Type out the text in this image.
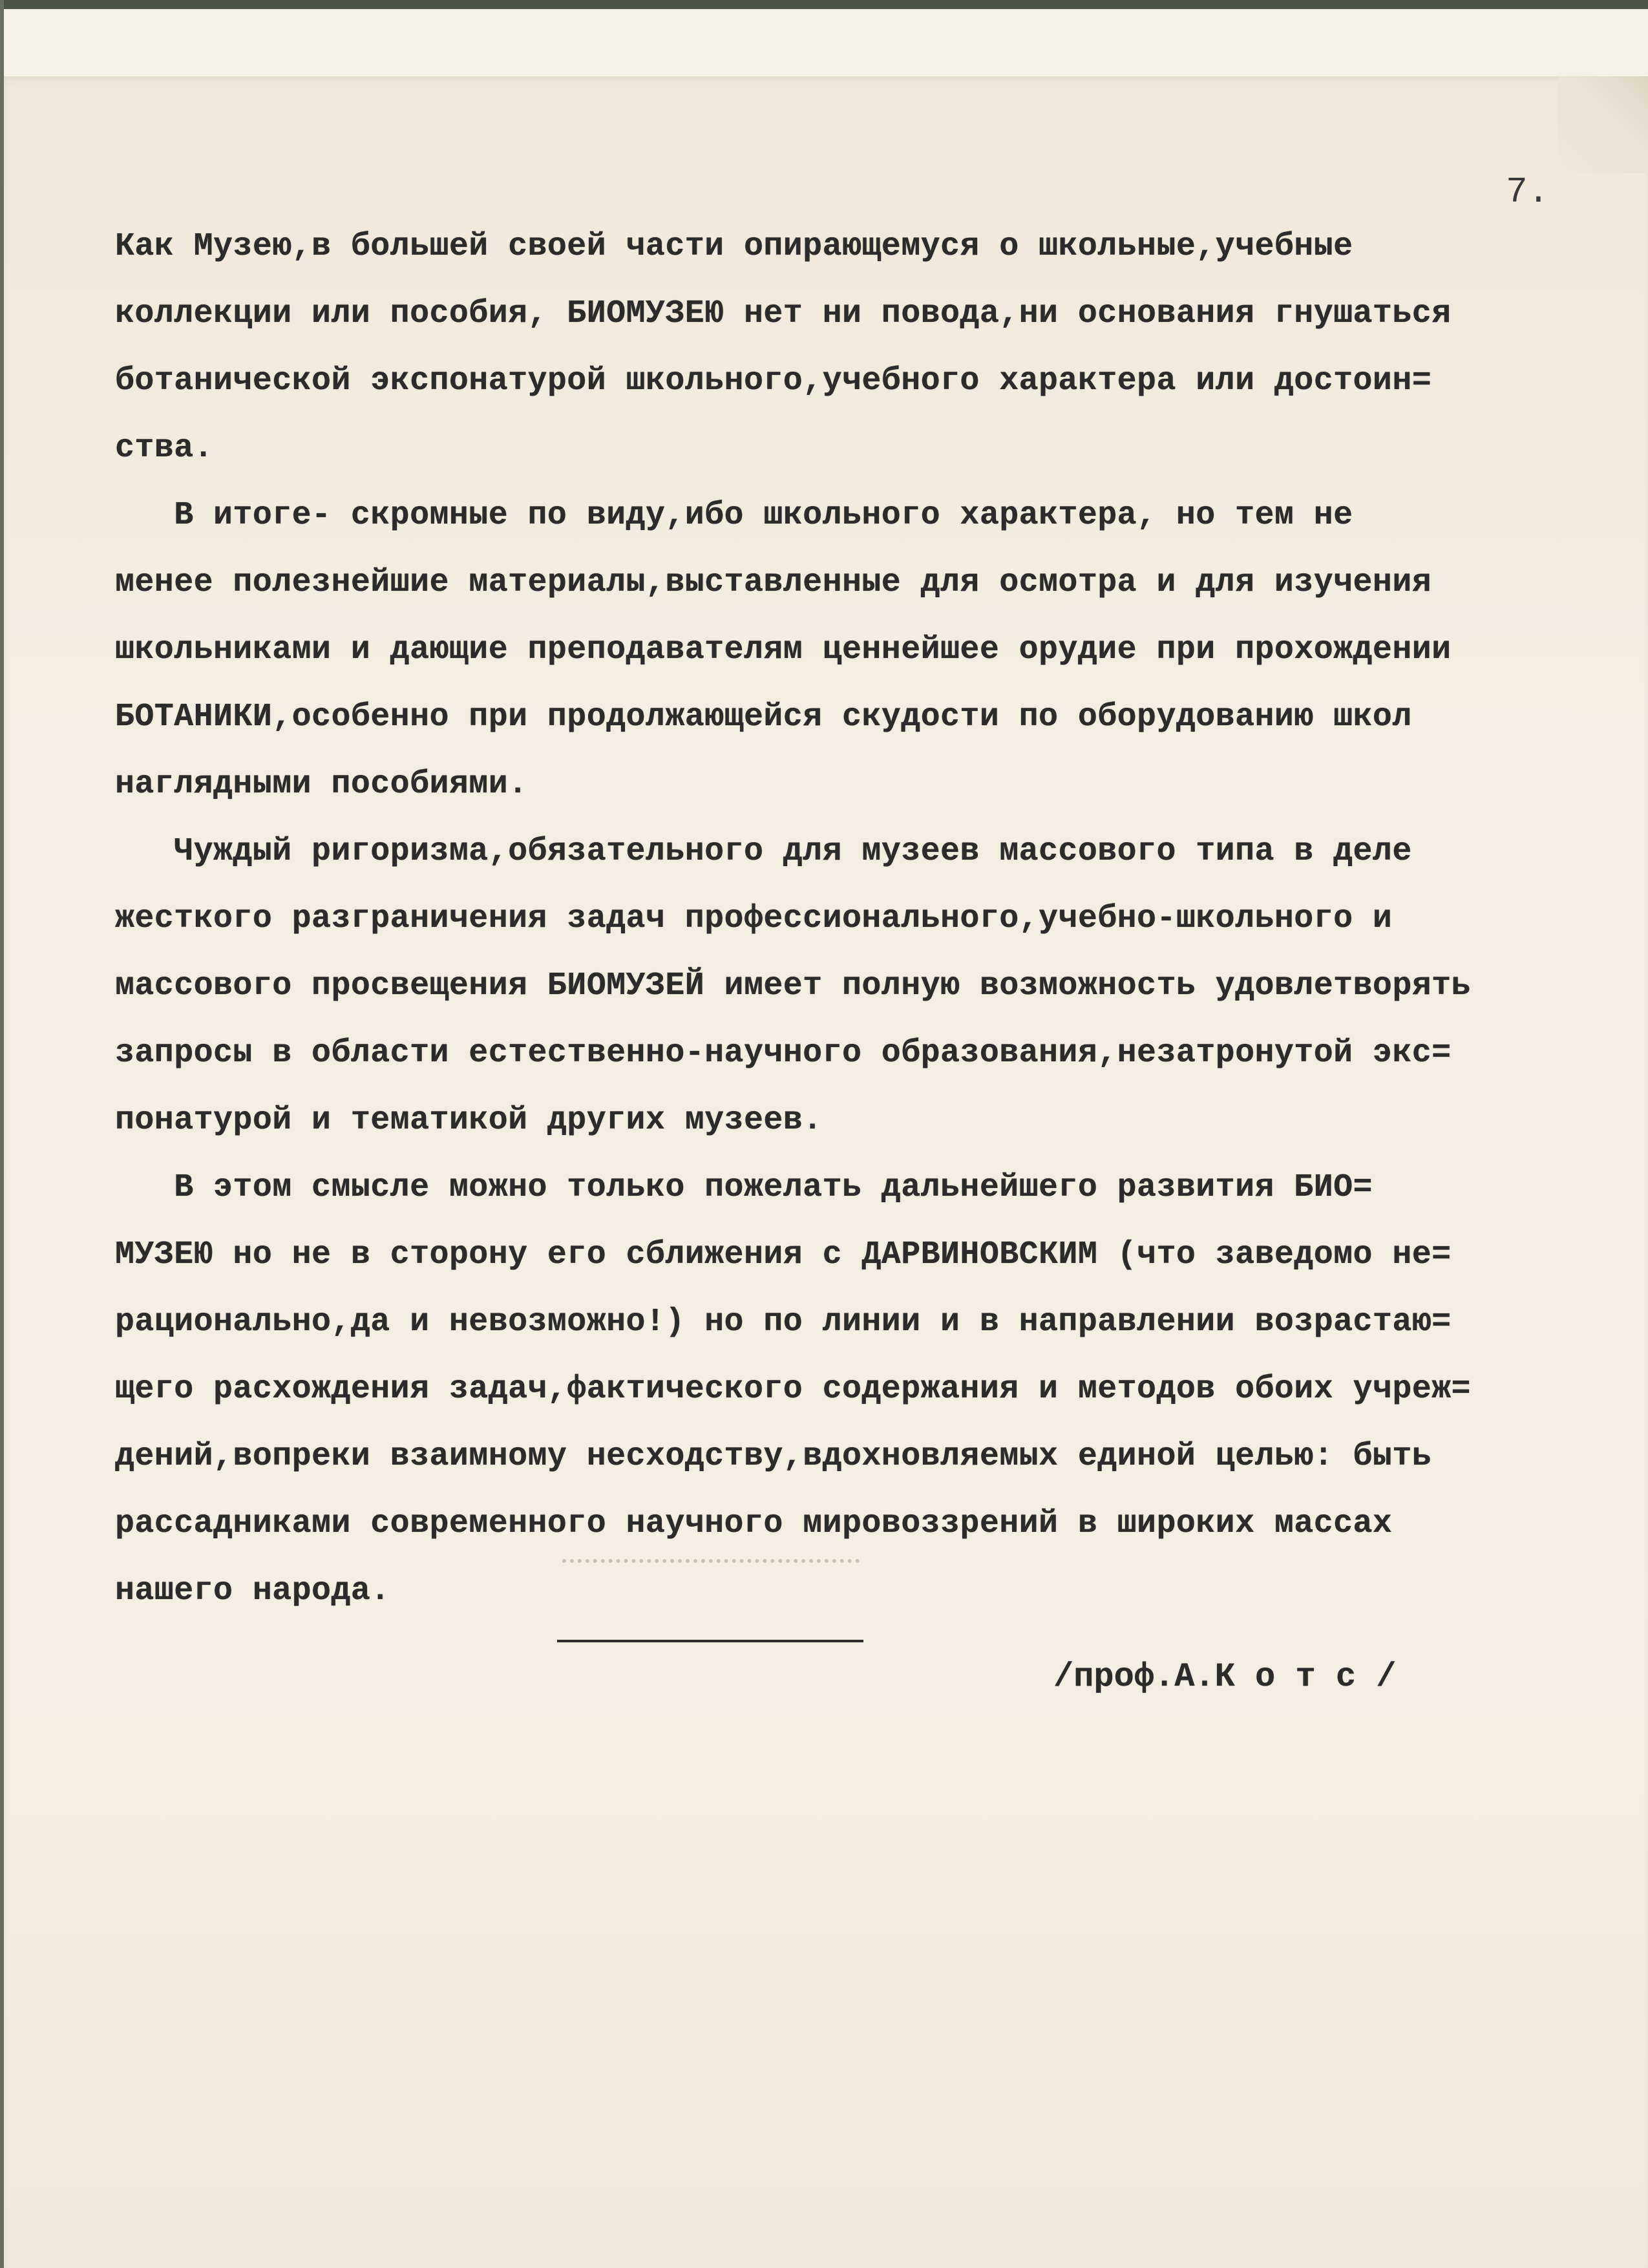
7.

Как Музею,в большей своей части опирающемуся о школьные,учебные
коллекции или пособия, БИОМУЗЕЮ нет ни повода,ни основания гнушаться
ботанической экспонатурой школьного,учебного характера или достоин=
ства.
В итоге- скромные по виду,ибо школьного характера, но тем не
менее полезнейшие материалы,выставленные для осмотра и для изучения
школьниками и дающие преподавателям ценнейшее орудие при прохождении
БОТАНИКИ,особенно при продолжающейся скудости по оборудованию школ
наглядными пособиями.
Чуждый ригоризма,обязательного для музеев массового типа в деле
жесткого разграничения задач профессионального,учебно-школьного и
массового просвещения БИОМУЗЕЙ имеет полную возможность удовлетворять
запросы в области естественно-научного образования,незатронутой экс=
понатурой и тематикой других музеев.
В этом смысле можно только пожелать дальнейшего развития БИО=
МУЗЕЮ но не в сторону его сближения с ДАРВИНОВСКИМ (что заведомо не=
рационально,да и невозможно!) но по линии и в направлении возрастаю=
щего расхождения задач,фактического содержания и методов обоих учреж=
дений,вопреки взаимному несходству,вдохновляемых единой целью: быть
рассадниками современного научного мировоззрений в широких массах
нашего народа.

/проф.А.К о т с /
